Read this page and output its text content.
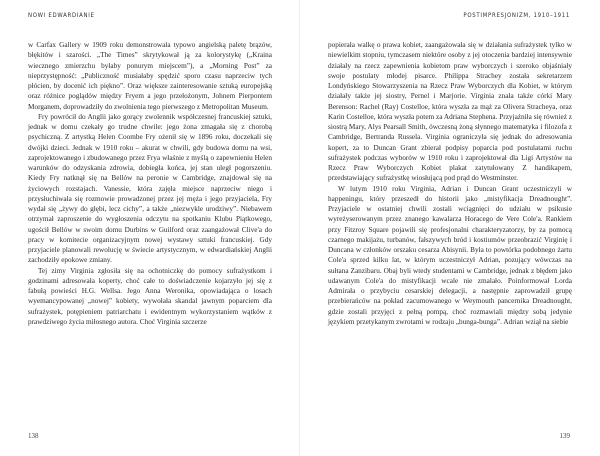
NOWI EDWARDIANIE

w Carfax Gallery w 1909 roku demonstrowała typowo angielską paletę brązów, błękitów i szarości. „The Times” skrytykował ją za kolorystykę („Kraina wiecznego zmierzchu byłaby ponurym miejscem”), a „Morning Post” za nieprzystępność: „Publiczność musiałaby spędzić sporo czasu naprzeciw tych płócien, by docenić ich piękno”. Oraz większe zainteresowanie sztuką europejską oraz różnice poglądów między Fryem a jego przełożonym, Johnem Pierpontem Morganem, doprowadziły do zwolnienia tego pierwszego z Metropolitan Museum.

Fry powrócił do Anglii jako gorący zwolennik współczesnej francuskiej sztuki, jednak w domu czekały go trudne chwile: jego żona zmagała się z chorobą psychiczną. Z artystką Helen Coombe Fry ożenił się w 1896 roku, doczekali się dwójki dzieci. Jednak w 1910 roku – akurat w chwili, gdy budowa domu na wsi, zaprojektowanego i zbudowanego przez Fryа właśnie z myślą o zapewnieniu Helen warunków do odzyskania zdrowia, dobiegła końca, jej stan uległ pogorszeniu. Kiedy Fry natknął się na Bellów na peronie w Cambridge, znajdował się na życiowych rozstajach. Vanessie, która zajęła miejsce naprzeciw niego i przysłuchiwała się rozmowie prowadzonej przez jej męża i jego przyjaciela, Fry wydał się „żywy do głębi, lecz cichy”, a także „niezwykle urodziwy”. Niebawem otrzymał zaproszenie do wygłoszenia odczytu na spotkaniu Klubu Piątkowego, ugościł Bellów w swoim domu Durbins w Guilford oraz zaangażował Clive'a do pracy w komitecie organizacyjnym nowej wystawy sztuki francuskiej. Gdy przyjaciele planowali rewolucję w świecie artystycznym, w edwardiańskiej Anglii zachodziły epokowe zmiany.

Tej zimy Virginia zgłosiła się na ochotniczkę do pomocy sufrażystkom i godzinami adresowała koperty, choć całe to doświadczenie kojarzyło jej się z fabułą powieści H.G. Wellsa. Jego Anna Weronika, opowiadająca o losach wyemancypowanej „nowej” kobiety, wywołała skandal jawnym poparciem dla sufrażystek, potępieniem patriarchatu i ewidentnym wykorzystaniem wątków z prawdziwego życia miłosnego autora. Choć Virginia szczerze

138
POSTIMPRESJONIZM, 1910–1911

popierała walkę o prawa kobiet, zaangażowała się w działania sufrażystek tylko w niewielkim stopniu, tymczasem niektóre osoby z jej otoczenia bardziej intensywnie działały na rzecz zapewnienia kobietom praw wyborczych i szeroko objaśniały swoje postulaty młodej pisarce. Philippa Strachey została sekretarzem Londyńskiego Stowarzyszenia na Rzecz Praw Wyborczych dla Kobiet, w którym działały także jej siostry, Pernel i Marjorie. Virginia znała także córki Mary Berenson: Rachel (Ray) Costelloe, która wyszła za mąż za Olivera Stracheya, oraz Karin Costelloe, która wyszła potem za Adriana Stephena. Przyjaźniła się również z siostrą Mary, Alys Pearsall Smith, ówczesną żoną słynnego matematyka i filozofa z Cambridge, Bertranda Russela. Virginia ograniczyła się jednak do adresowania kopert, za to Duncan Grant zbierał podpisy poparcia pod postulatami ruchu sufrażystek podczas wyborów w 1910 roku i zaprojektował dla Ligi Artystów na Rzecz Praw Wyborczych Kobiet plakat zatytułowany Z handikapem, przedstawiający sufrażystkę wiosłującą pod prąd do Westminster.

W lutym 1910 roku Virginia, Adrian i Duncan Grant uczestniczyli w happeningu, który przeszedł do historii jako „mistyfikacja Dreadnought”. Przyjaciele w ostatniej chwili zostali wciągnięci do udziału w psikusie wyreżyserowanym przez znanego kawalarza Horacego de Vere Cole'a. Rankiem przy Fitzroy Square pojawili się profesjonalni charakteryzatorzy, by za pomocą czarnego makijażu, turbanów, fałszywych bród i kostiumów przeobrazić Virginię i Duncana w członków orszaku cesarza Abisynii. Była to powtórka podobnego żartu Cole'a sprzed kilku lat, w którym uczestniczył Adrian, pozujący wówczas na sułtana Zanzibaru. Obaj byli wtedy studentami w Cambridge, jednak z błędem jako udawanym Cole'a do mistyfikacji wcale nie zmalało. Poinformował Lorda Admirała o przybyciu cesarskiej delegacji, a następnie zaprowadził grupę przebierańców na pokład zacumowanego w Weymouth pancernika Dreadnought, gdzie zostali przyjęci z pełną pompą, choć rozmawiali między sobą jedynie językiem przetykanym zwrotami w rodzaju „bunga-bunga”. Adrian wziął na siebie

139
